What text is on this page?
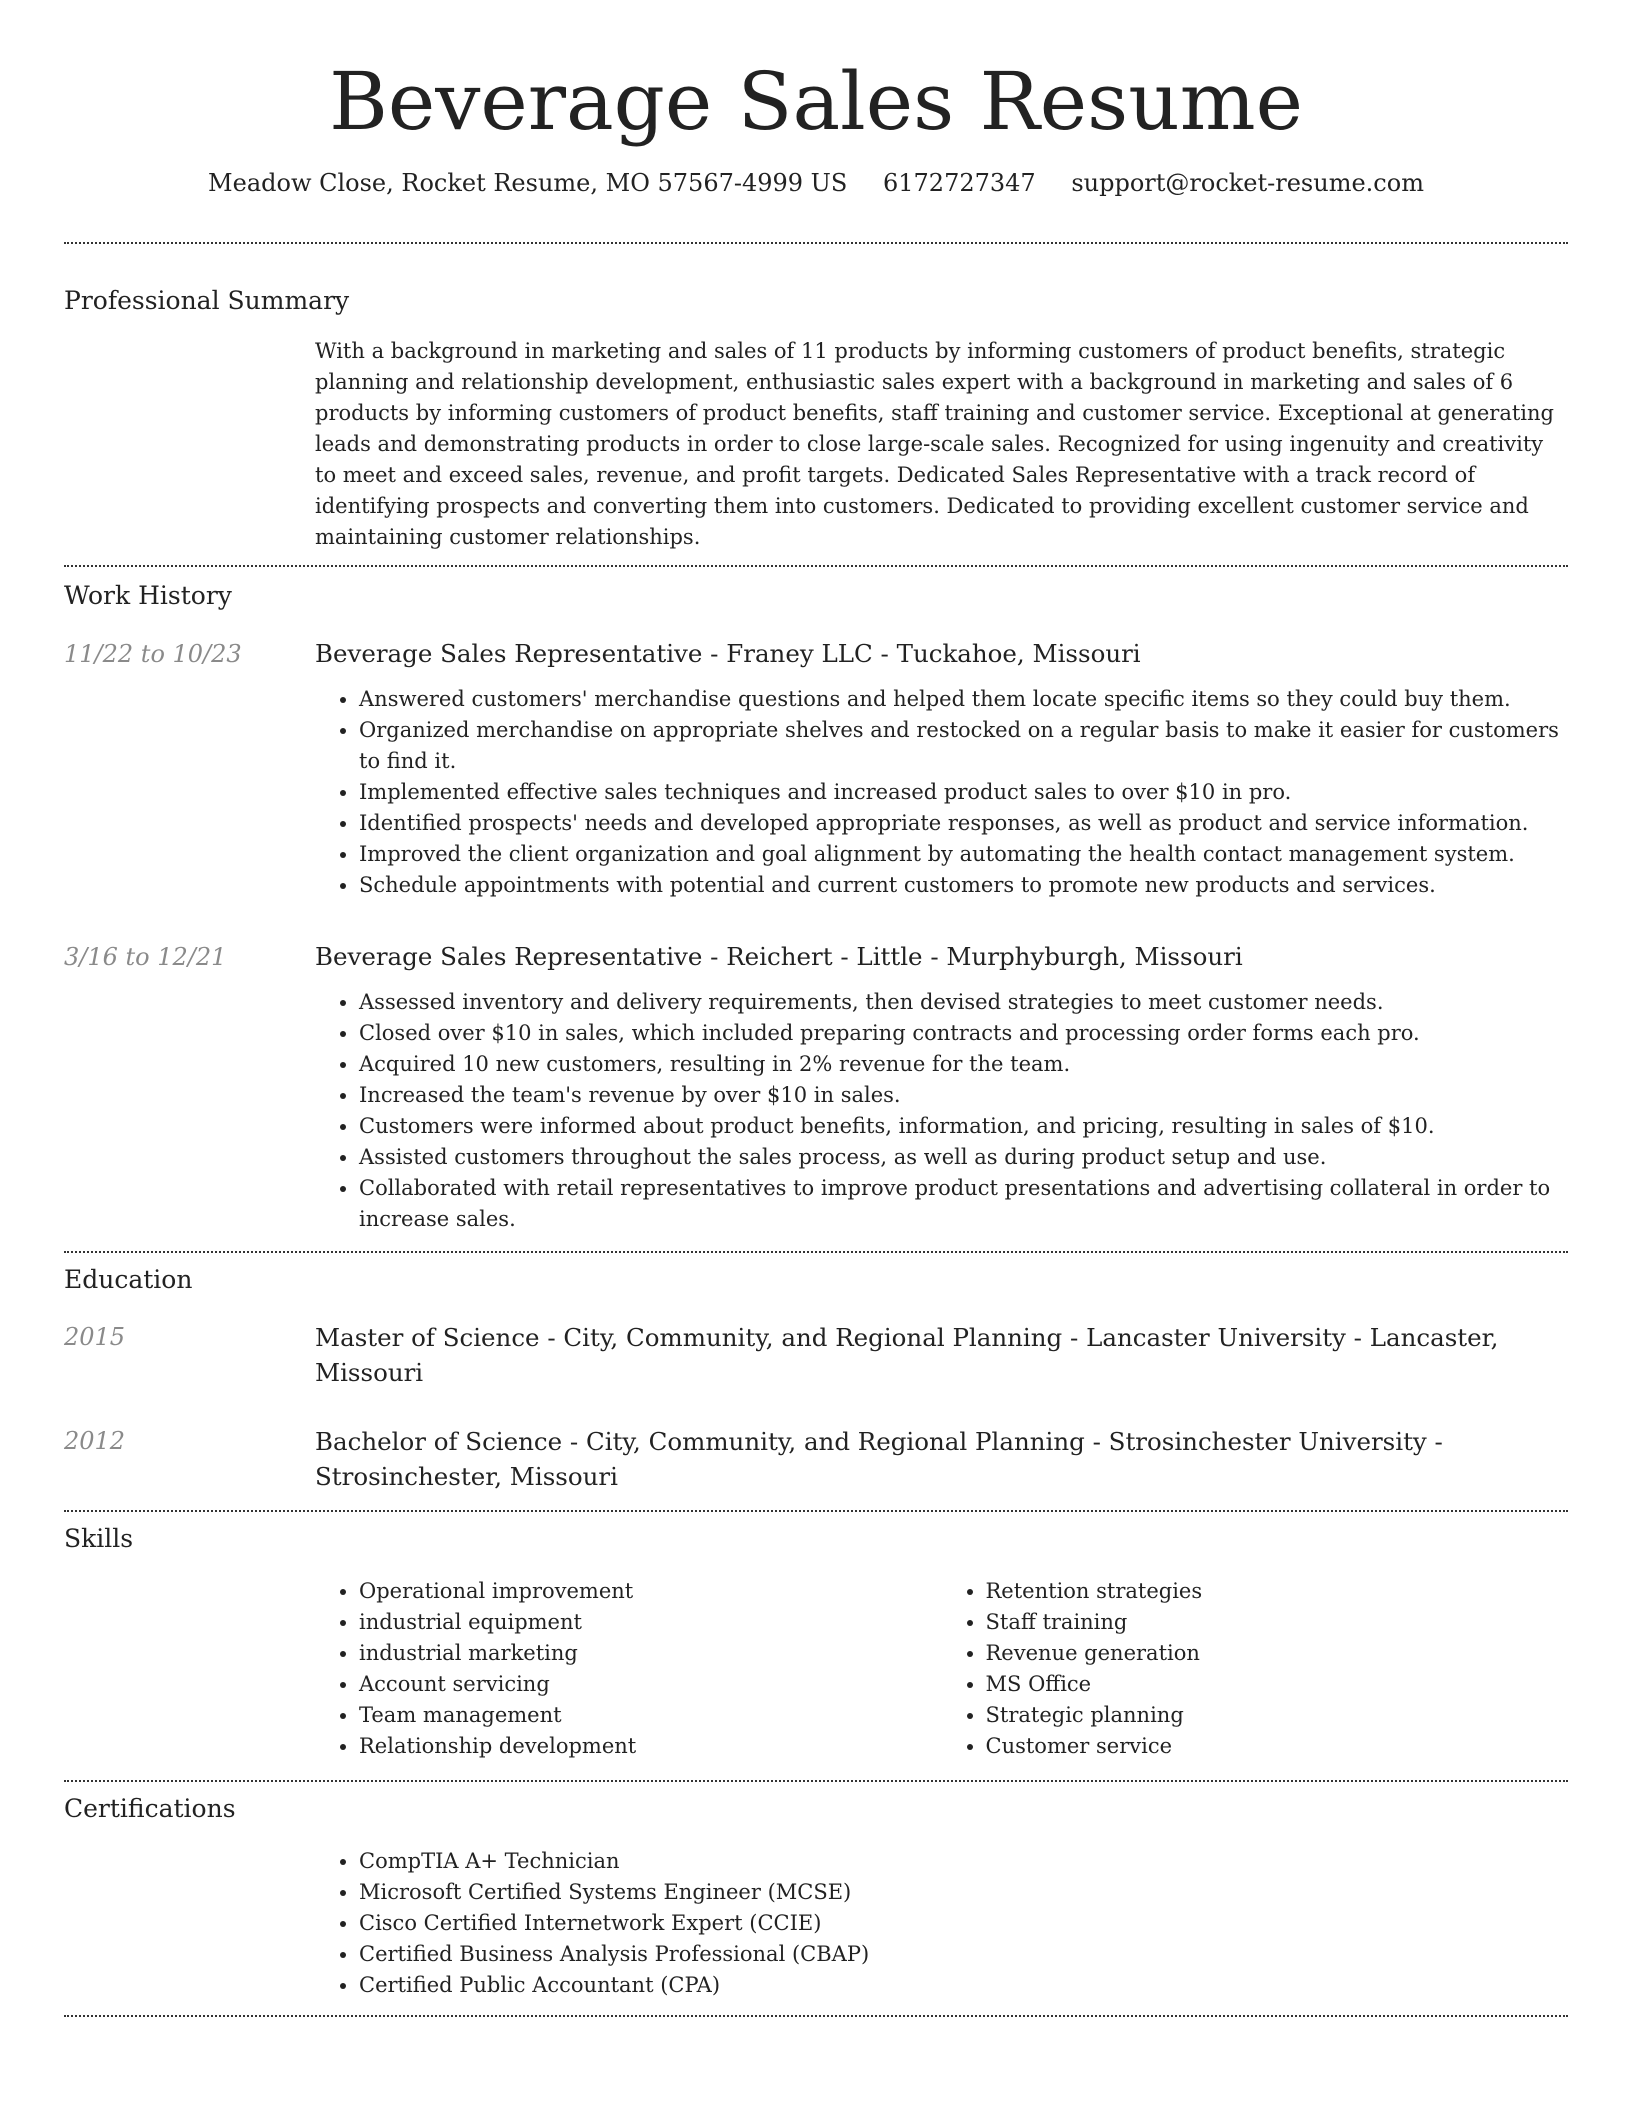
Beverage Sales Resume
Meadow Close, Rocket Resume, MO 57567-4999 US 6172727347 support@rocket-resume.com
Professional Summary

With a background in marketing and sales of 11 products by informing customers of product benefits, strategic planning and relationship development, enthusiastic sales expert with a background in marketing and sales of 6 products by informing customers of product benefits, staff training and customer service. Exceptional at generating leads and demonstrating products in order to close large-scale sales. Recognized for using ingenuity and creativity to meet and exceed sales, revenue, and profit targets. Dedicated Sales Representative with a track record of identifying prospects and converting them into customers. Dedicated to providing excellent customer service and maintaining customer relationships.

Work History
11/22 to 10/23	Beverage Sales Representative - Franey LLC - Tuckahoe, Missouri
• Answered customers' merchandise questions and helped them locate specific items so they could buy them.
• Organized merchandise on appropriate shelves and restocked on a regular basis to make it easier for customers to find it.
• Implemented effective sales techniques and increased product sales to over $10 in pro.
• Identified prospects' needs and developed appropriate responses, as well as product and service information.
• Improved the client organization and goal alignment by automating the health contact management system.
• Schedule appointments with potential and current customers to promote new products and services.
3/16 to 12/21	Beverage Sales Representative - Reichert - Little - Murphyburgh, Missouri
• Assessed inventory and delivery requirements, then devised strategies to meet customer needs.
• Closed over $10 in sales, which included preparing contracts and processing order forms each pro.
• Acquired 10 new customers, resulting in 2% revenue for the team.
• Increased the team's revenue by over $10 in sales.
• Customers were informed about product benefits, information, and pricing, resulting in sales of $10.
• Assisted customers throughout the sales process, as well as during product setup and use.
• Collaborated with retail representatives to improve product presentations and advertising collateral in order to increase sales.
Education
2015	Master of Science - City, Community, and Regional Planning - Lancaster University - Lancaster, Missouri
2012	Bachelor of Science - City, Community, and Regional Planning - Strosinchester University - Strosinchester, Missouri
Skills
• Operational improvement
• industrial equipment
• industrial marketing
• Account servicing
• Team management
• Relationship development
• Retention strategies
• Staff training
• Revenue generation
• MS Office
• Strategic planning
• Customer service
Certifications
• CompTIA A+ Technician
• Microsoft Certified Systems Engineer (MCSE)
• Cisco Certified Internetwork Expert (CCIE)
• Certified Business Analysis Professional (CBAP)
• Certified Public Accountant (CPA)
